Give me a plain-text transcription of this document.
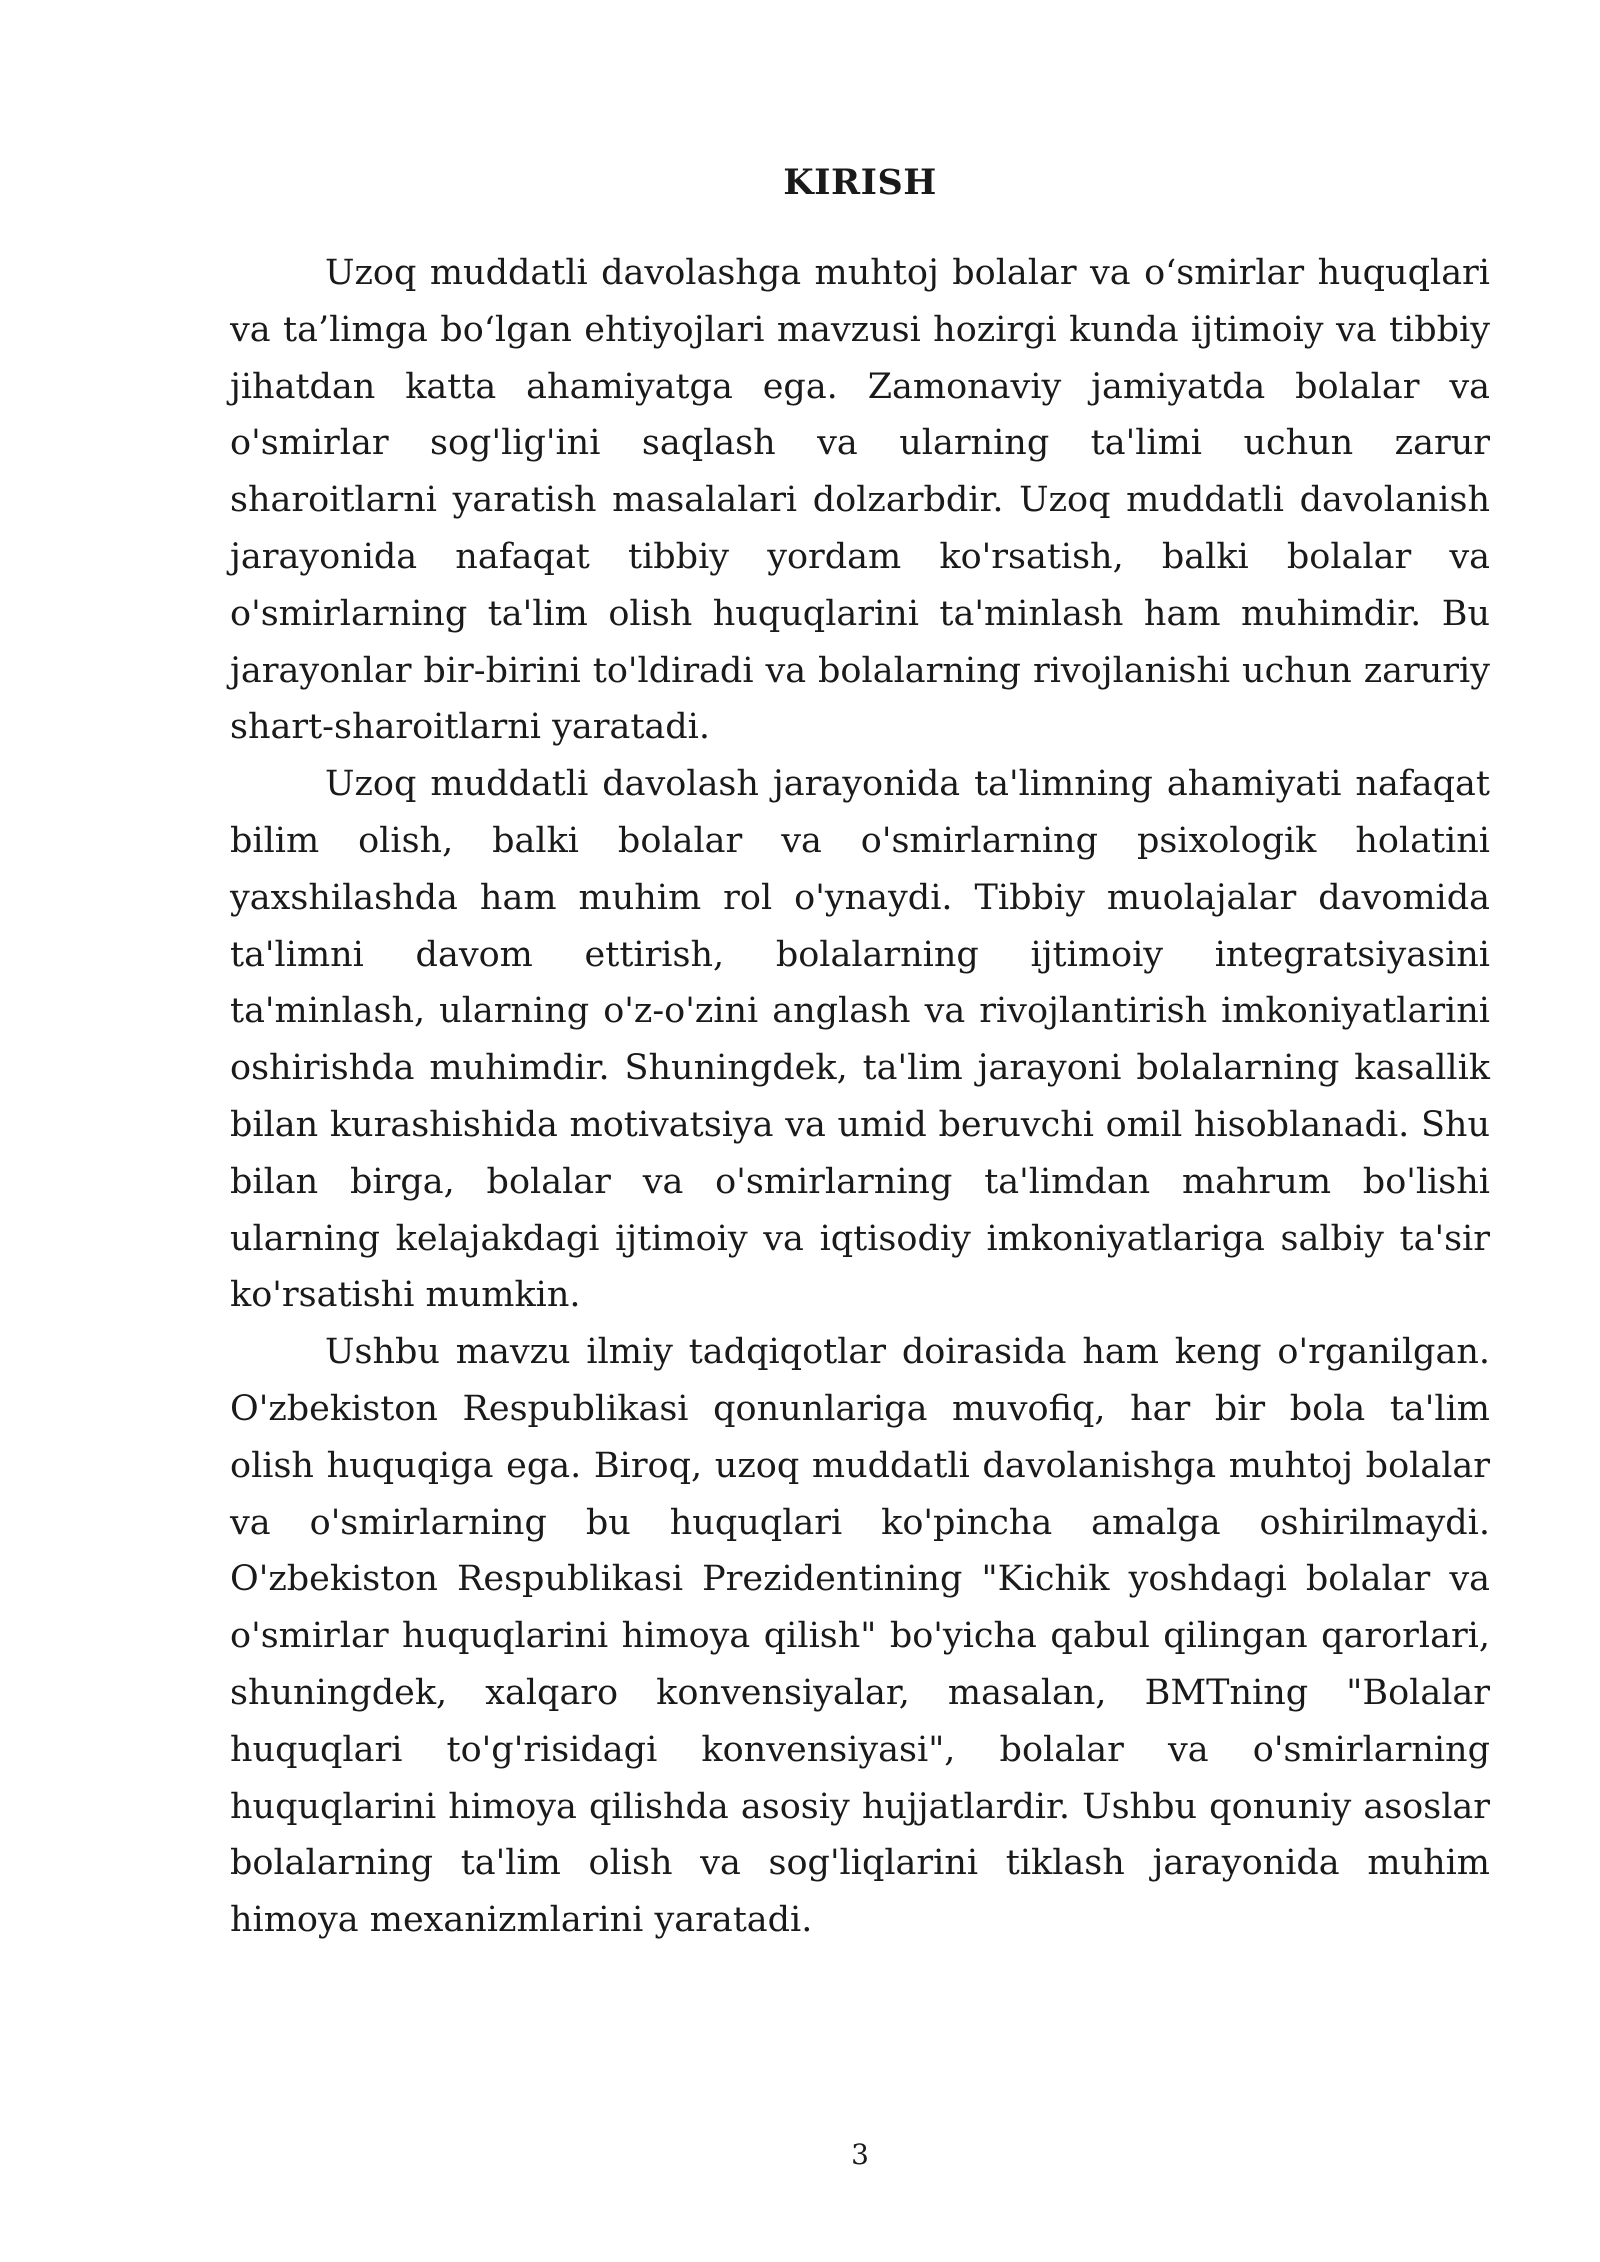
KIRISH

Uzoq muddatli davolashga muhtoj bolalar va o‘smirlar huquqlari va ta’limga bo‘lgan ehtiyojlari mavzusi hozirgi kunda ijtimoiy va tibbiy jihatdan katta ahamiyatga ega. Zamonaviy jamiyatda bolalar va o'smirlar sog'lig'ini saqlash va ularning ta'limi uchun zarur sharoitlarni yaratish masalalari dolzarbdir. Uzoq muddatli davolanish jarayonida nafaqat tibbiy yordam ko'rsatish, balki bolalar va o'smirlarning ta'lim olish huquqlarini ta'minlash ham muhimdir. Bu jarayonlar bir-birini to'ldiradi va bolalarning rivojlanishi uchun zaruriy shart-sharoitlarni yaratadi.

Uzoq muddatli davolash jarayonida ta'limning ahamiyati nafaqat bilim olish, balki bolalar va o'smirlarning psixologik holatini yaxshilashda ham muhim rol o'ynaydi. Tibbiy muolajalar davomida ta'limni davom ettirish, bolalarning ijtimoiy integratsiyasini ta'minlash, ularning o'z-o'zini anglash va rivojlantirish imkoniyatlarini oshirishda muhimdir. Shuningdek, ta'lim jarayoni bolalarning kasallik bilan kurashishida motivatsiya va umid beruvchi omil hisoblanadi. Shu bilan birga, bolalar va o'smirlarning ta'limdan mahrum bo'lishi ularning kelajakdagi ijtimoiy va iqtisodiy imkoniyatlariga salbiy ta'sir ko'rsatishi mumkin.

Ushbu mavzu ilmiy tadqiqotlar doirasida ham keng o'rganilgan. O'zbekiston Respublikasi qonunlariga muvofiq, har bir bola ta'lim olish huquqiga ega. Biroq, uzoq muddatli davolanishga muhtoj bolalar va o'smirlarning bu huquqlari ko'pincha amalga oshirilmaydi. O'zbekiston Respublikasi Prezidentining "Kichik yoshdagi bolalar va o'smirlar huquqlarini himoya qilish" bo'yicha qabul qilingan qarorlari, shuningdek, xalqaro konvensiyalar, masalan, BMTning "Bolalar huquqlari to'g'risidagi konvensiyasi", bolalar va o'smirlarning huquqlarini himoya qilishda asosiy hujjatlardir. Ushbu qonuniy asoslar bolalarning ta'lim olish va sog'liqlarini tiklash jarayonida muhim himoya mexanizmlarini yaratadi.

3
